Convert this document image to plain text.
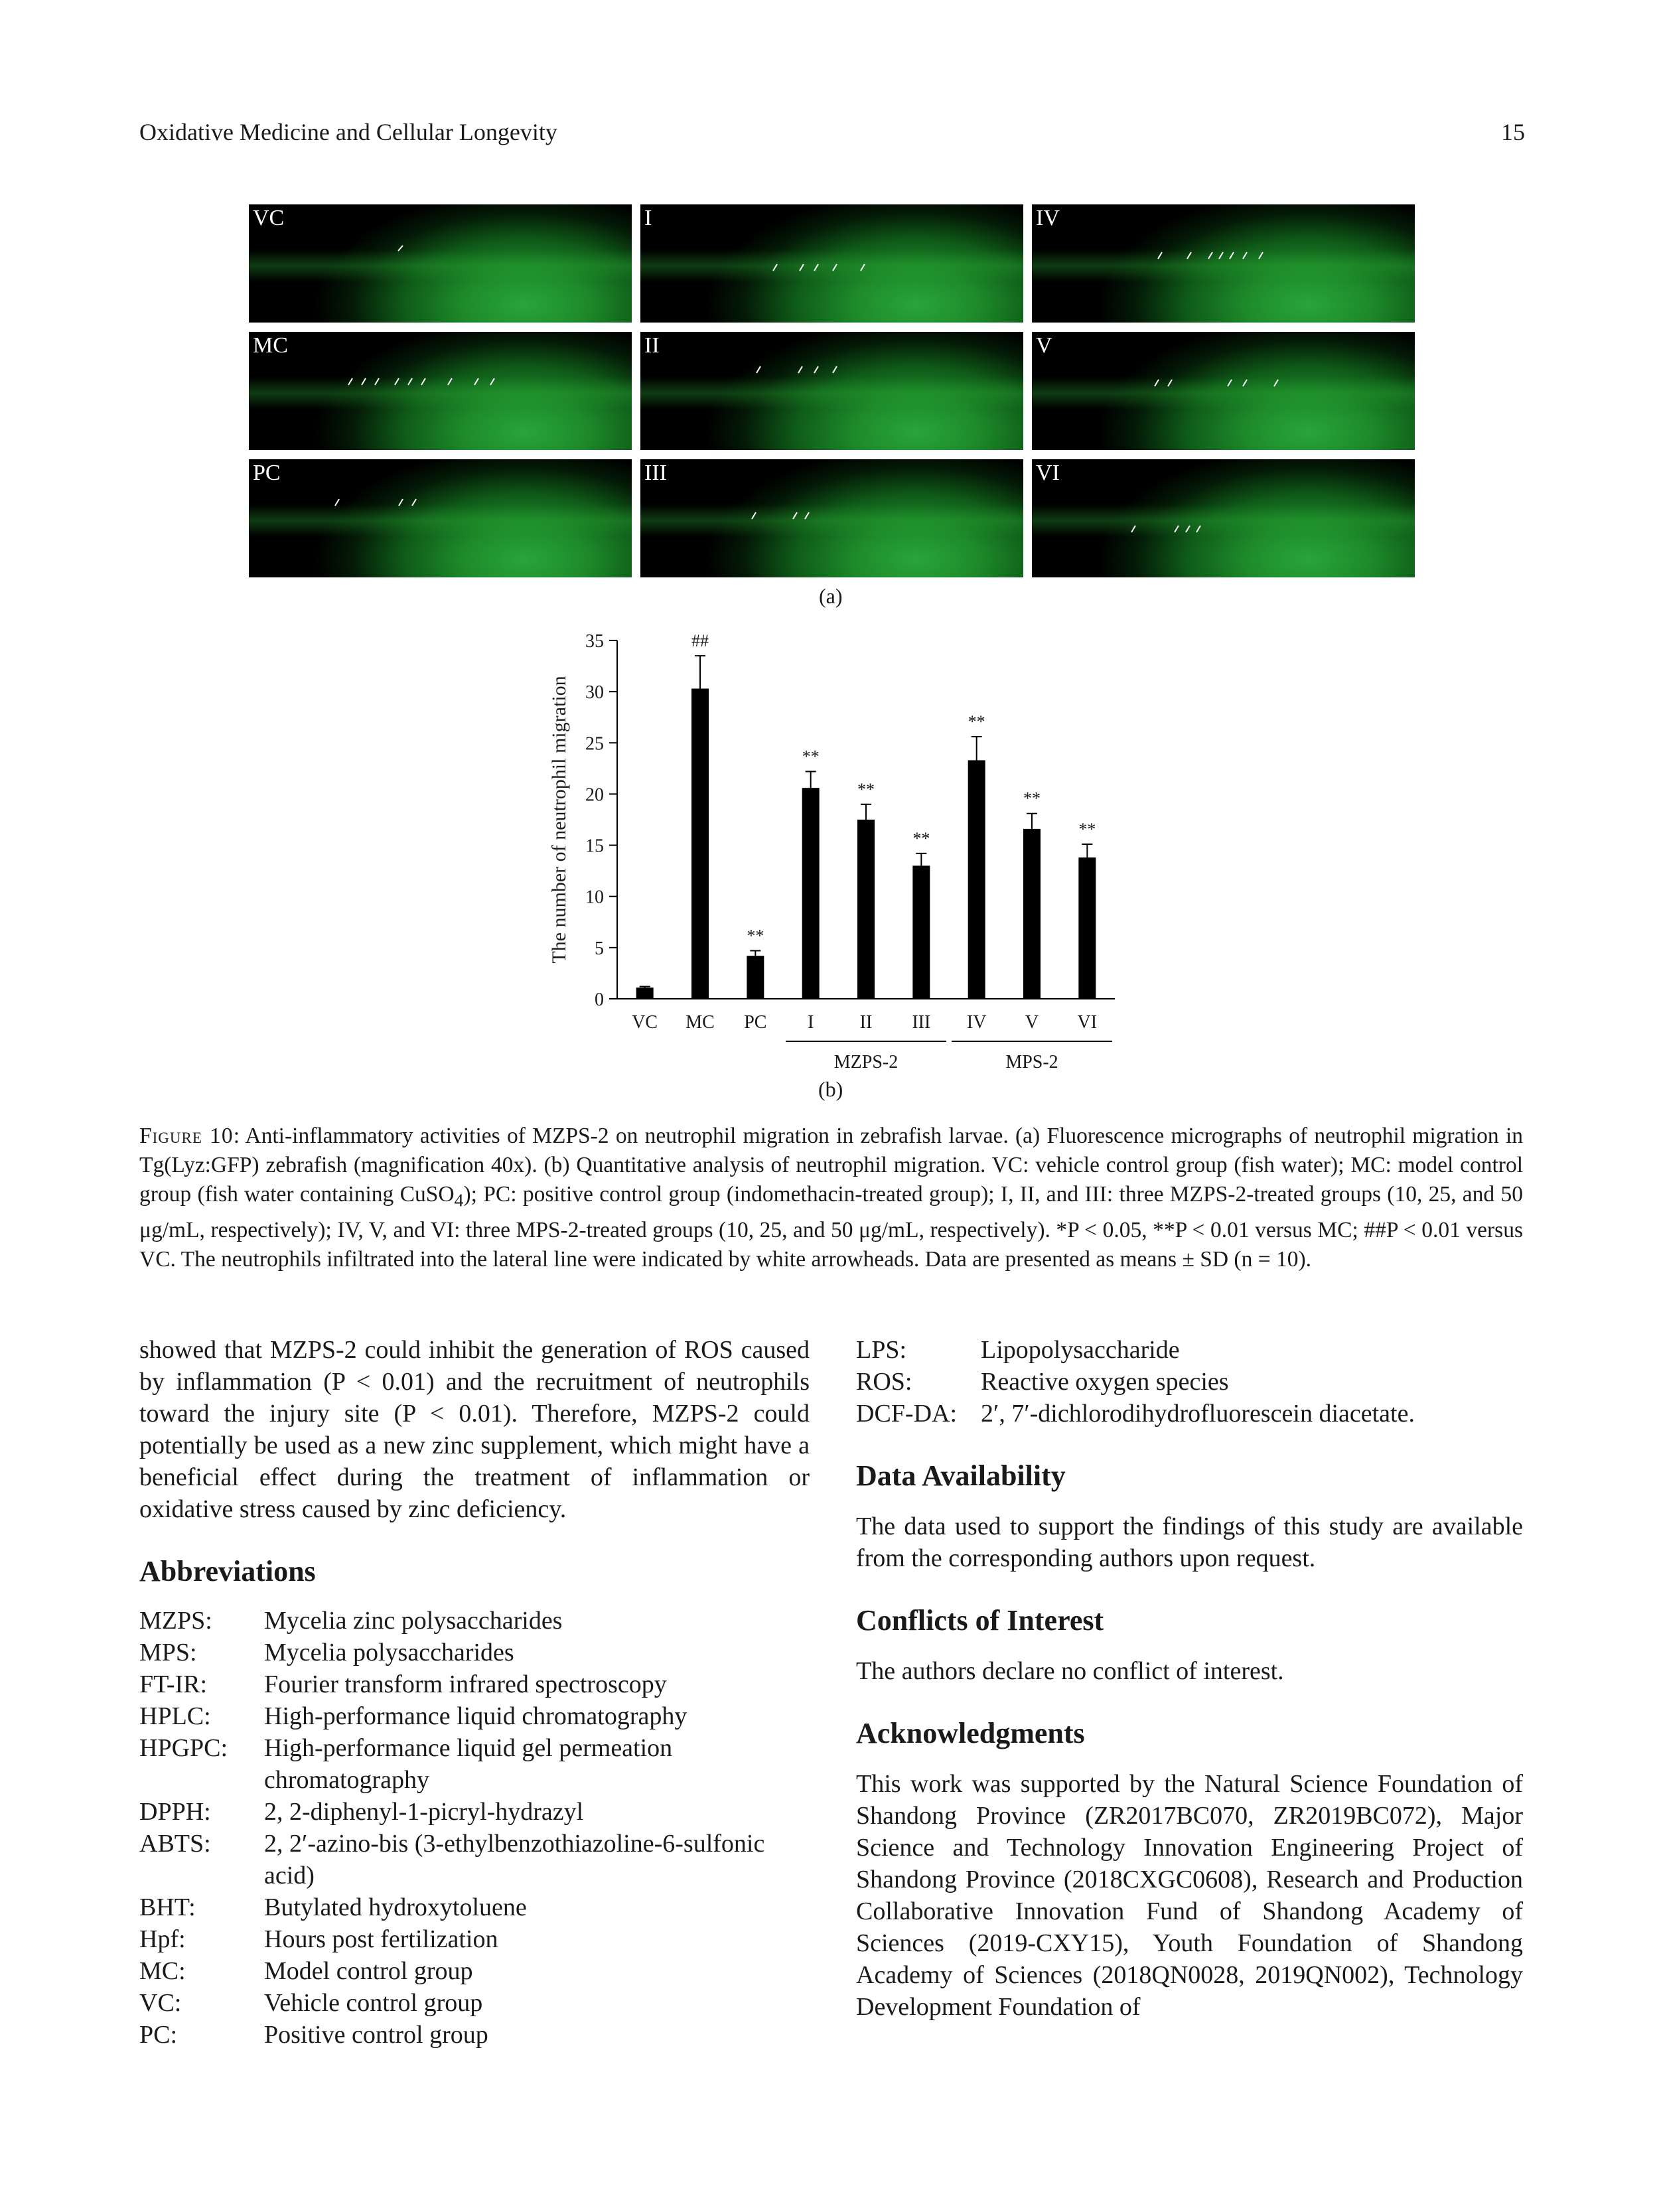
Oxidative Medicine and Cellular Longevity	15
VC	I	IV
MC	II	V
PC	III	VI
(a)
0
5
10
15
20
25
30
35
The number of neutrophil migration
VC
##
MC
**
PC
**
I
**
II
**
III
**
IV
**
V
**
VI
MZPS-2	MPS-2
(b)
Figure 10: Anti-inflammatory activities of MZPS-2 on neutrophil migration in zebrafish larvae. (a) Fluorescence micrographs of neutrophil migration in Tg(Lyz:GFP) zebrafish (magnification 40x). (b) Quantitative analysis of neutrophil migration. VC: vehicle control group (fish water); MC: model control group (fish water containing CuSO$_4$); PC: positive control group (indomethacin-treated group); I, II, and III: three MZPS-2-treated groups (10, 25, and 50 μg/mL, respectively); IV, V, and VI: three MPS-2-treated groups (10, 25, and 50 μg/mL, respectively). *P < 0.05, **P < 0.01 versus MC; ##P < 0.01 versus VC. The neutrophils infiltrated into the lateral line were indicated by white arrowheads. Data are presented as means ± SD (n = 10).

showed that MZPS-2 could inhibit the generation of ROS caused by inflammation (P < 0.01) and the recruitment of neutrophils toward the injury site (P < 0.01). Therefore, MZPS-2 could potentially be used as a new zinc supplement, which might have a beneficial effect during the treatment of inflammation or oxidative stress caused by zinc deficiency.

Abbreviations
MZPS:	Mycelia zinc polysaccharides
MPS:	Mycelia polysaccharides
FT-IR:	Fourier transform infrared spectroscopy
HPLC:	High-performance liquid chromatography
HPGPC:	High-performance liquid gel permeation chromatography
DPPH:	2, 2-diphenyl-1-picryl-hydrazyl
ABTS:	2, 2′-azino-bis (3-ethylbenzothiazoline-6-sulfonic acid)
BHT:	Butylated hydroxytoluene
Hpf:	Hours post fertilization
MC:	Model control group
VC:	Vehicle control group
PC:	Positive control group
LPS:	Lipopolysaccharide
ROS:	Reactive oxygen species
DCF-DA: 2′, 7′-dichlorodihydrofluorescein diacetate.
Data Availability

The data used to support the findings of this study are available from the corresponding authors upon request.

Conflicts of Interest

The authors declare no conflict of interest.

Acknowledgments

This work was supported by the Natural Science Foundation of Shandong Province (ZR2017BC070, ZR2019BC072), Major Science and Technology Innovation Engineering Project of Shandong Province (2018CXGC0608), Research and Production Collaborative Innovation Fund of Shandong Academy of Sciences (2019-CXY15), Youth Foundation of Shandong Academy of Sciences (2018QN0028, 2019QN002), Technology Development Foundation of
